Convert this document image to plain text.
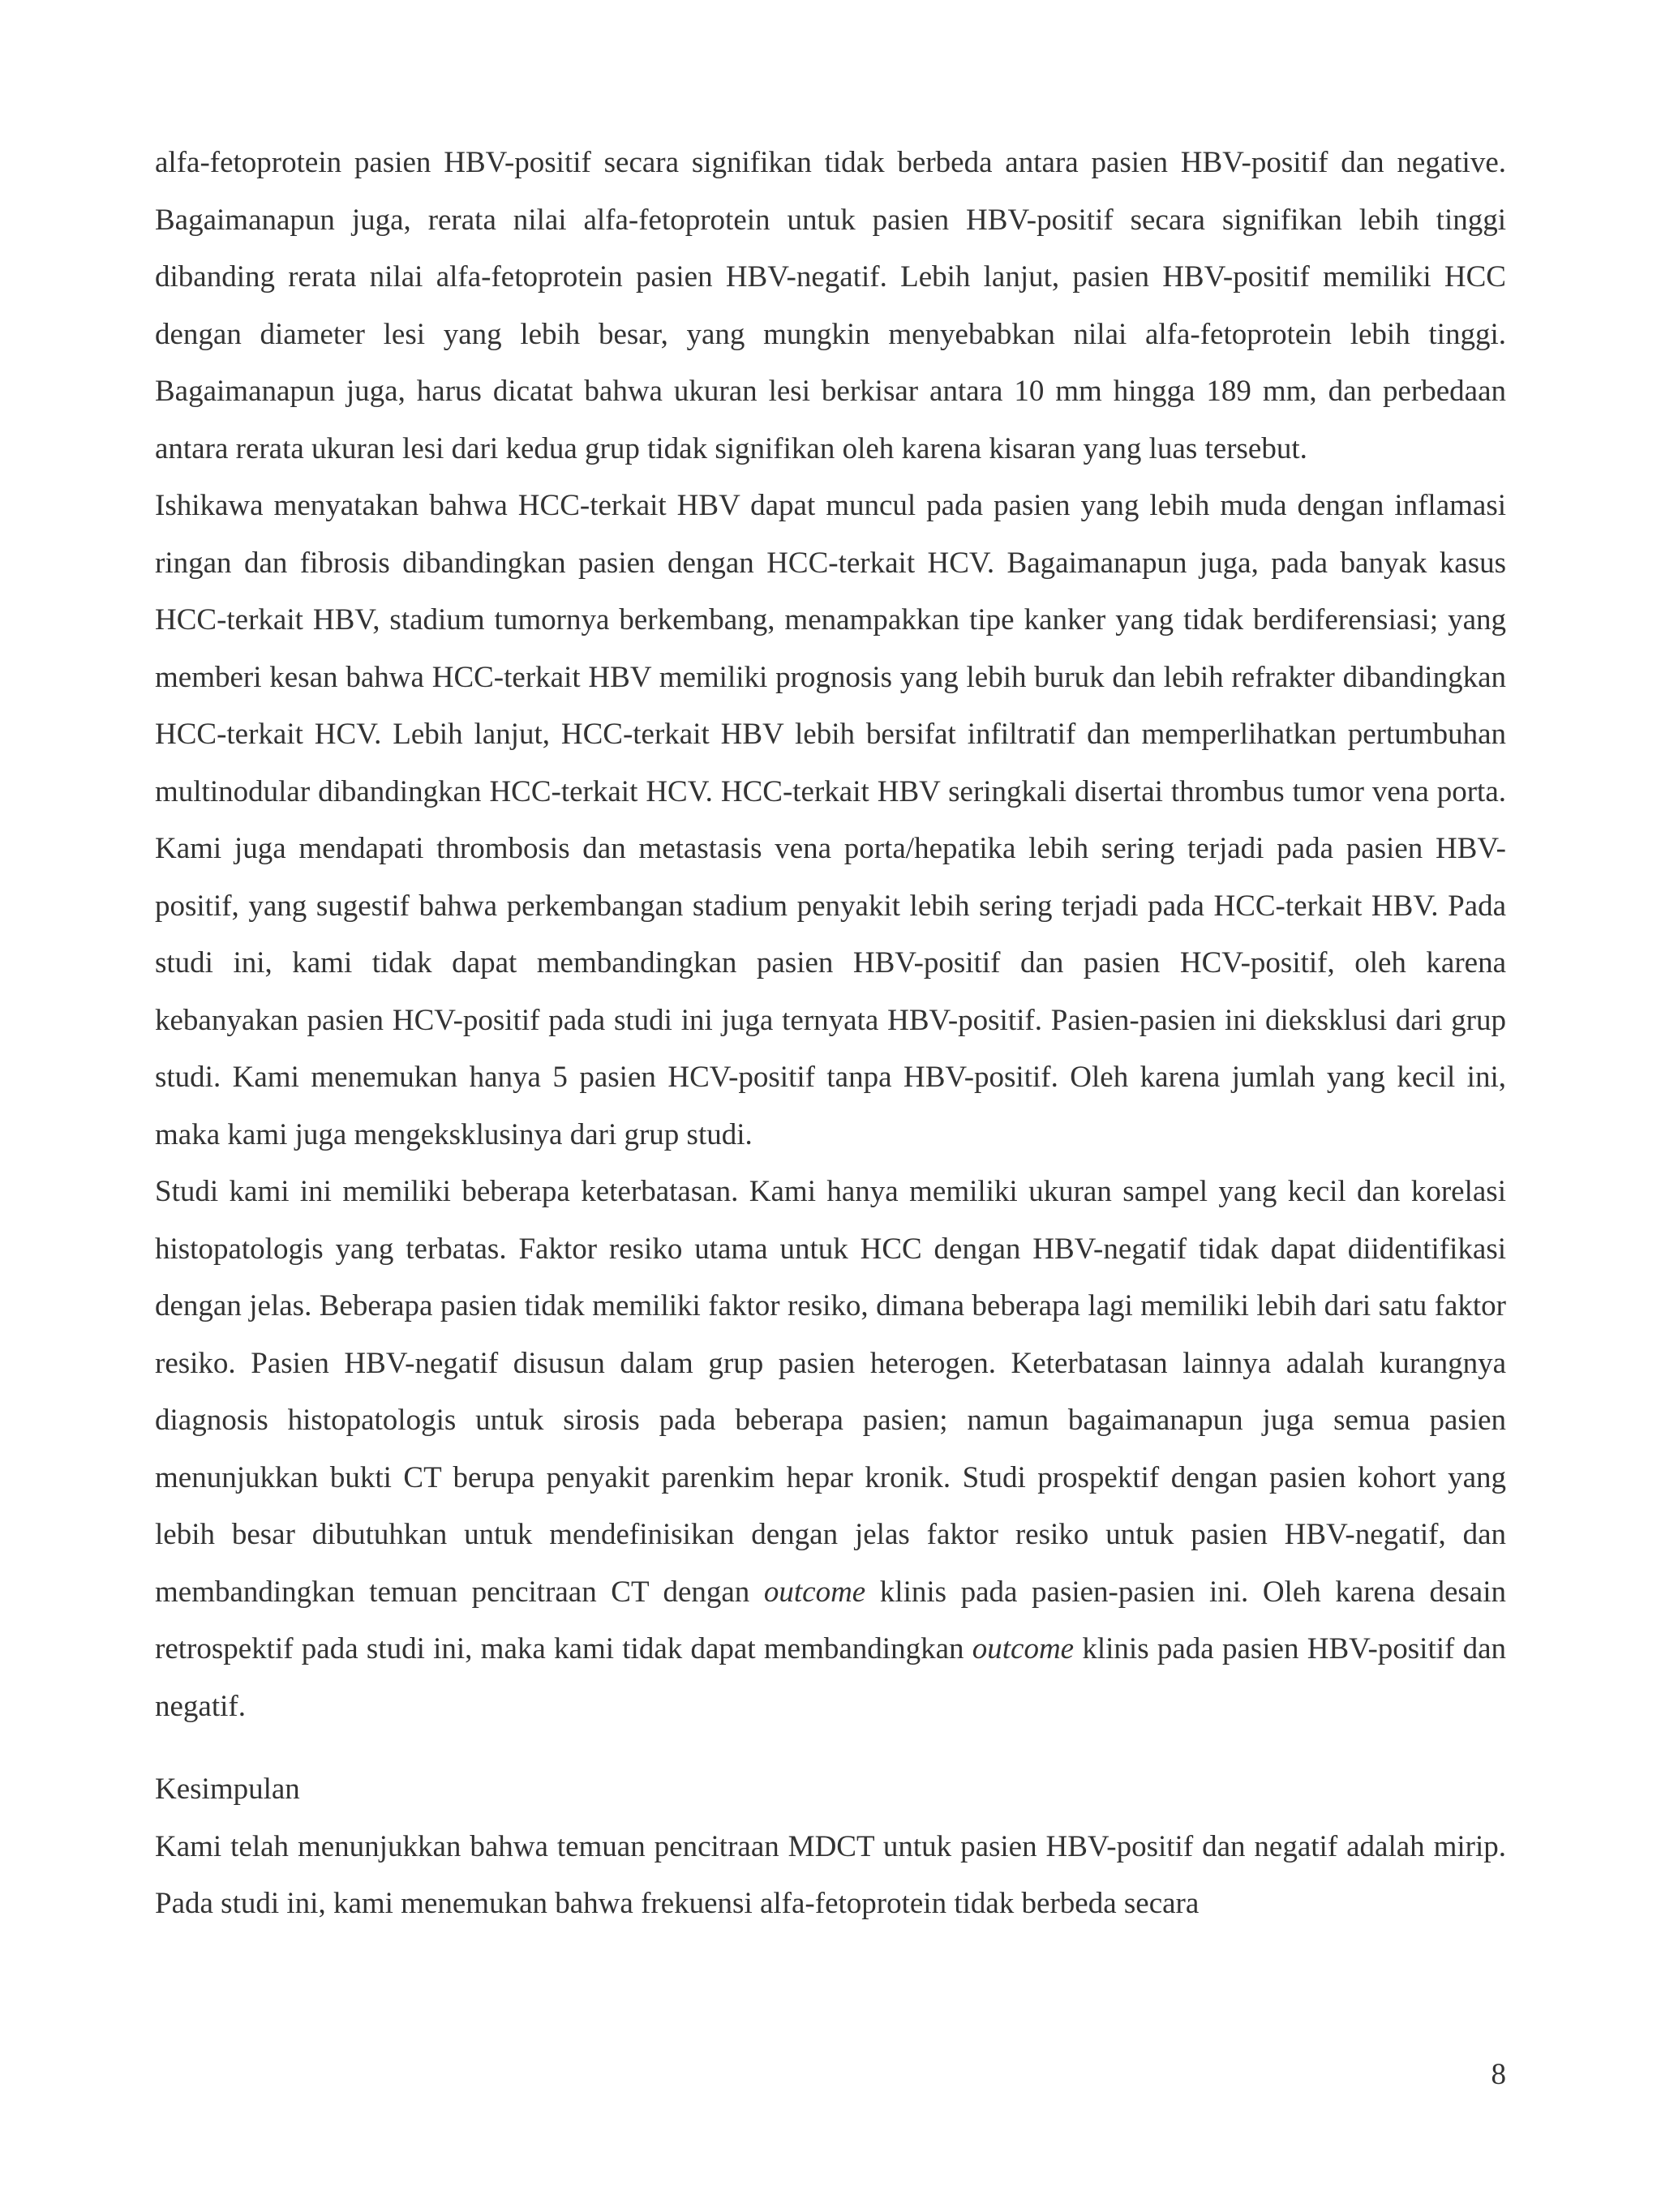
alfa-fetoprotein pasien HBV-positif secara signifikan tidak berbeda antara pasien HBV-positif dan negative. Bagaimanapun juga, rerata nilai alfa-fetoprotein untuk pasien HBV-positif secara signifikan lebih tinggi dibanding rerata nilai alfa-fetoprotein pasien HBV-negatif. Lebih lanjut, pasien HBV-positif memiliki HCC dengan diameter lesi yang lebih besar, yang mungkin menyebabkan nilai alfa-fetoprotein lebih tinggi. Bagaimanapun juga, harus dicatat bahwa ukuran lesi berkisar antara 10 mm hingga 189 mm, dan perbedaan antara rerata ukuran lesi dari kedua grup tidak signifikan oleh karena kisaran yang luas tersebut.

Ishikawa menyatakan bahwa HCC-terkait HBV dapat muncul pada pasien yang lebih muda dengan inflamasi ringan dan fibrosis dibandingkan pasien dengan HCC-terkait HCV. Bagaimanapun juga, pada banyak kasus HCC-terkait HBV, stadium tumornya berkembang, menampakkan tipe kanker yang tidak berdiferensiasi; yang memberi kesan bahwa HCC-terkait HBV memiliki prognosis yang lebih buruk dan lebih refrakter dibandingkan HCC-terkait HCV. Lebih lanjut, HCC-terkait HBV lebih bersifat infiltratif dan memperlihatkan pertumbuhan multinodular dibandingkan HCC-terkait HCV. HCC-terkait HBV seringkali disertai thrombus tumor vena porta. Kami juga mendapati thrombosis dan metastasis vena porta/hepatika lebih sering terjadi pada pasien HBV-positif, yang sugestif bahwa perkembangan stadium penyakit lebih sering terjadi pada HCC-terkait HBV. Pada studi ini, kami tidak dapat membandingkan pasien HBV-positif dan pasien HCV-positif, oleh karena kebanyakan pasien HCV-positif pada studi ini juga ternyata HBV-positif. Pasien-pasien ini dieksklusi dari grup studi. Kami menemukan hanya 5 pasien HCV-positif tanpa HBV-positif. Oleh karena jumlah yang kecil ini, maka kami juga mengeksklusinya dari grup studi.

Studi kami ini memiliki beberapa keterbatasan. Kami hanya memiliki ukuran sampel yang kecil dan korelasi histopatologis yang terbatas. Faktor resiko utama untuk HCC dengan HBV-negatif tidak dapat diidentifikasi dengan jelas. Beberapa pasien tidak memiliki faktor resiko, dimana beberapa lagi memiliki lebih dari satu faktor resiko. Pasien HBV-negatif disusun dalam grup pasien heterogen. Keterbatasan lainnya adalah kurangnya diagnosis histopatologis untuk sirosis pada beberapa pasien; namun bagaimanapun juga semua pasien menunjukkan bukti CT berupa penyakit parenkim hepar kronik. Studi prospektif dengan pasien kohort yang lebih besar dibutuhkan untuk mendefinisikan dengan jelas faktor resiko untuk pasien HBV-negatif, dan membandingkan temuan pencitraan CT dengan outcome klinis pada pasien-pasien ini. Oleh karena desain retrospektif pada studi ini, maka kami tidak dapat membandingkan outcome klinis pada pasien HBV-positif dan negatif.

Kesimpulan

Kami telah menunjukkan bahwa temuan pencitraan MDCT untuk pasien HBV-positif dan negatif adalah mirip. Pada studi ini, kami menemukan bahwa frekuensi alfa-fetoprotein tidak berbeda secara

8
